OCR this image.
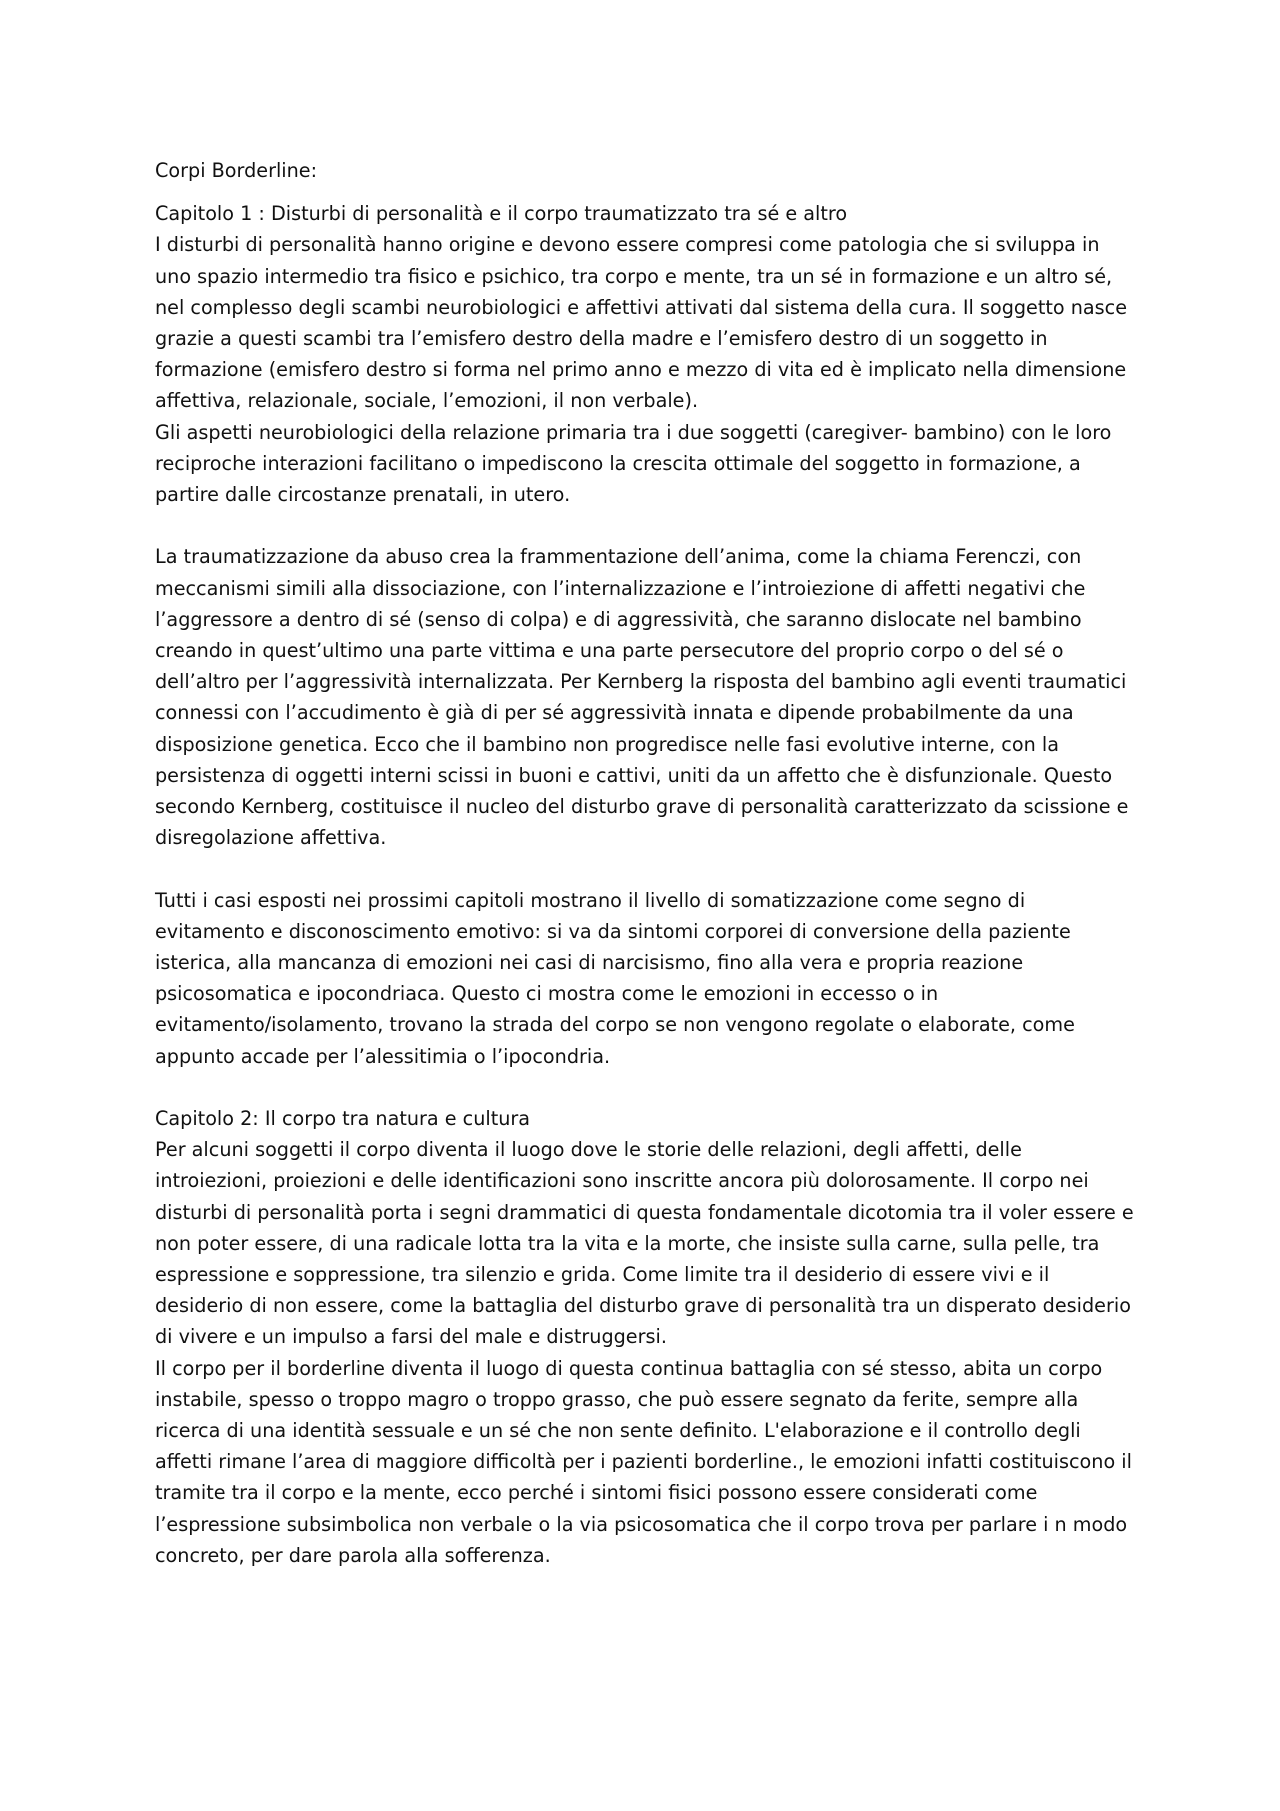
Corpi Borderline:

Capitolo 1 : Disturbi di personalità e il corpo traumatizzato tra sé e altro

I disturbi di personalità hanno origine e devono essere compresi come patologia che si sviluppa in uno spazio intermedio tra fisico e psichico, tra corpo e mente, tra un sé in formazione e un altro sé, nel complesso degli scambi neurobiologici e affettivi attivati dal sistema della cura. Il soggetto nasce grazie a questi scambi tra l’emisfero destro della madre e l’emisfero destro di un soggetto in formazione (emisfero destro si forma nel primo anno e mezzo di vita ed è implicato nella dimensione affettiva, relazionale, sociale, l’emozioni, il non verbale).

Gli aspetti neurobiologici della relazione primaria tra i due soggetti (caregiver- bambino) con le loro reciproche interazioni facilitano o impediscono la crescita ottimale del soggetto in formazione, a partire dalle circostanze prenatali, in utero.

La traumatizzazione da abuso crea la frammentazione dell’anima, come la chiama Ferenczi, con meccanismi simili alla dissociazione, con l’internalizzazione e l’introiezione di affetti negativi che l’aggressore a dentro di sé (senso di colpa) e di aggressività, che saranno dislocate nel bambino creando in quest’ultimo una parte vittima e una parte persecutore del proprio corpo o del sé o dell’altro per l’aggressività internalizzata. Per Kernberg la risposta del bambino agli eventi traumatici connessi con l’accudimento è già di per sé aggressività innata e dipende probabilmente da una disposizione genetica. Ecco che il bambino non progredisce nelle fasi evolutive interne, con la persistenza di oggetti interni scissi in buoni e cattivi, uniti da un affetto che è disfunzionale. Questo secondo Kernberg, costituisce il nucleo del disturbo grave di personalità caratterizzato da scissione e disregolazione affettiva.

Tutti i casi esposti nei prossimi capitoli mostrano il livello di somatizzazione come segno di evitamento e disconoscimento emotivo: si va da sintomi corporei di conversione della paziente isterica, alla mancanza di emozioni nei casi di narcisismo, fino alla vera e propria reazione psicosomatica e ipocondriaca. Questo ci mostra come le emozioni in eccesso o in evitamento/isolamento, trovano la strada del corpo se non vengono regolate o elaborate, come appunto accade per l’alessitimia o l’ipocondria.

Capitolo 2: Il corpo tra natura e cultura

Per alcuni soggetti il corpo diventa il luogo dove le storie delle relazioni, degli affetti, delle introiezioni, proiezioni e delle identificazioni sono inscritte ancora più dolorosamente. Il corpo nei disturbi di personalità porta i segni drammatici di questa fondamentale dicotomia tra il voler essere e non poter essere, di una radicale lotta tra la vita e la morte, che insiste sulla carne, sulla pelle, tra espressione e soppressione, tra silenzio e grida. Come limite tra il desiderio di essere vivi e il desiderio di non essere, come la battaglia del disturbo grave di personalità tra un disperato desiderio di vivere e un impulso a farsi del male e distruggersi.

Il corpo per il borderline diventa il luogo di questa continua battaglia con sé stesso, abita un corpo instabile, spesso o troppo magro o troppo grasso, che può essere segnato da ferite, sempre alla ricerca di una identità sessuale e un sé che non sente definito. L'elaborazione e il controllo degli affetti rimane l’area di maggiore difficoltà per i pazienti borderline., le emozioni infatti costituiscono il tramite tra il corpo e la mente, ecco perché i sintomi fisici possono essere considerati come l’espressione subsimbolica non verbale o la via psicosomatica che il corpo trova per parlare i n modo concreto, per dare parola alla sofferenza.
